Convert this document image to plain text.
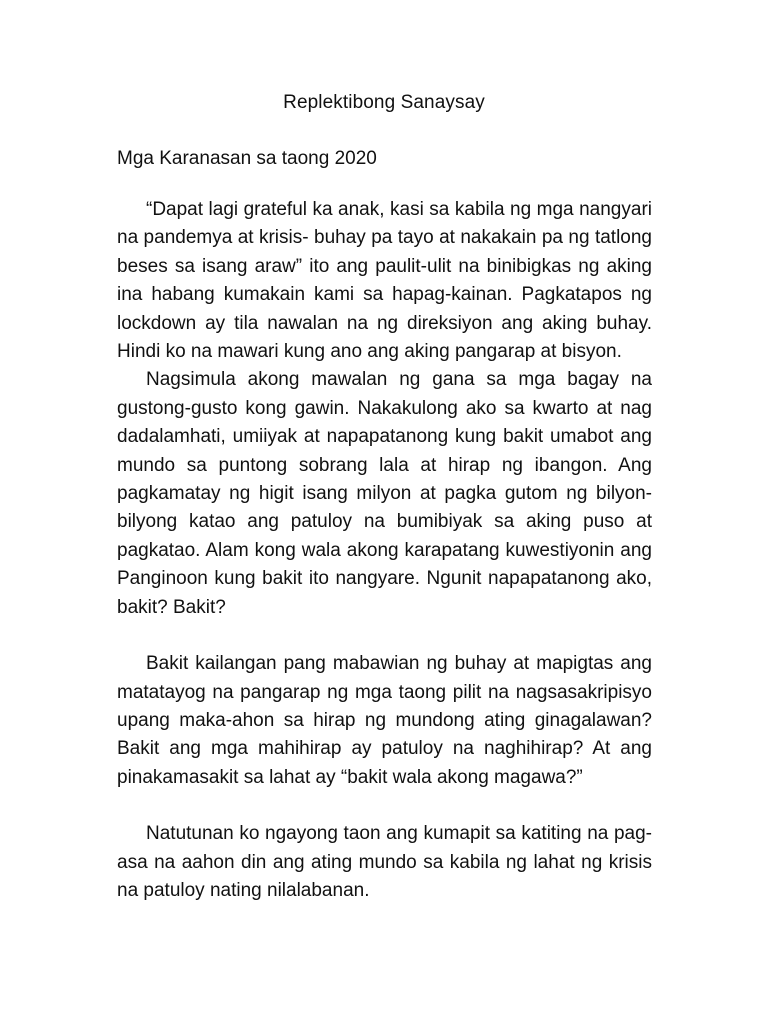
Replektibong Sanaysay
Mga Karanasan sa taong 2020

“Dapat lagi grateful ka anak, kasi sa kabila ng mga nangyari na pandemya at krisis- buhay pa tayo at nakakain pa ng tatlong beses sa isang araw” ito ang paulit-ulit na binibigkas ng aking ina habang kumakain kami sa hapag-kainan. Pagkatapos ng lockdown ay tila nawalan na ng direksiyon ang aking buhay. Hindi ko na mawari kung ano ang aking pangarap at bisyon.

Nagsimula akong mawalan ng gana sa mga bagay na gustong-gusto kong gawin. Nakakulong ako sa kwarto at nag dadalamhati, umiiyak at napapatanong kung bakit umabot ang mundo sa puntong sobrang lala at hirap ng ibangon. Ang pagkamatay ng higit isang milyon at pagka gutom ng bilyon-bilyong katao ang patuloy na bumibiyak sa aking puso at pagkatao. Alam kong wala akong karapatang kuwestiyonin ang Panginoon kung bakit ito nangyare. Ngunit napapatanong ako, bakit? Bakit?

Bakit kailangan pang mabawian ng buhay at mapigtas ang matatayog na pangarap ng mga taong pilit na nagsasakripisyo upang maka-ahon sa hirap ng mundong ating ginagalawan? Bakit ang mga mahihirap ay patuloy na naghihirap? At ang pinakamasakit sa lahat ay “bakit wala akong magawa?”

Natutunan ko ngayong taon ang kumapit sa katiting na pag-asa na aahon din ang ating mundo sa kabila ng lahat ng krisis na patuloy nating nilalabanan.
